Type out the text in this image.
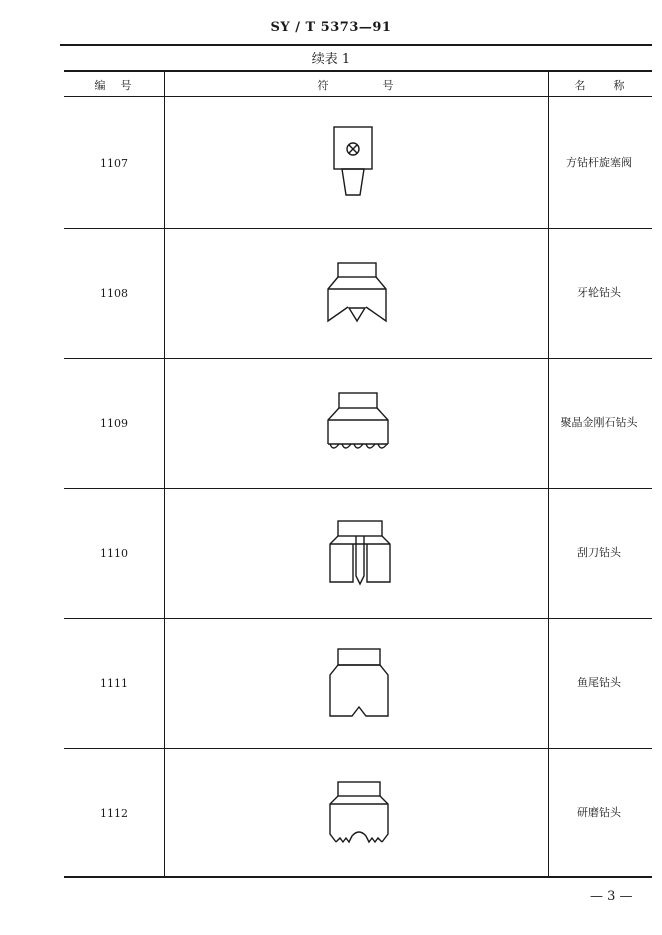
SY / T 5373—91
续表 1
编　号	符　　　　号	名　　称
1107	方钻杆旋塞阀
1108	牙轮钻头
1109	聚晶金刚石钻头
1110	刮刀钻头
1111	鱼尾钻头
1112	研磨钻头
— 3 —
